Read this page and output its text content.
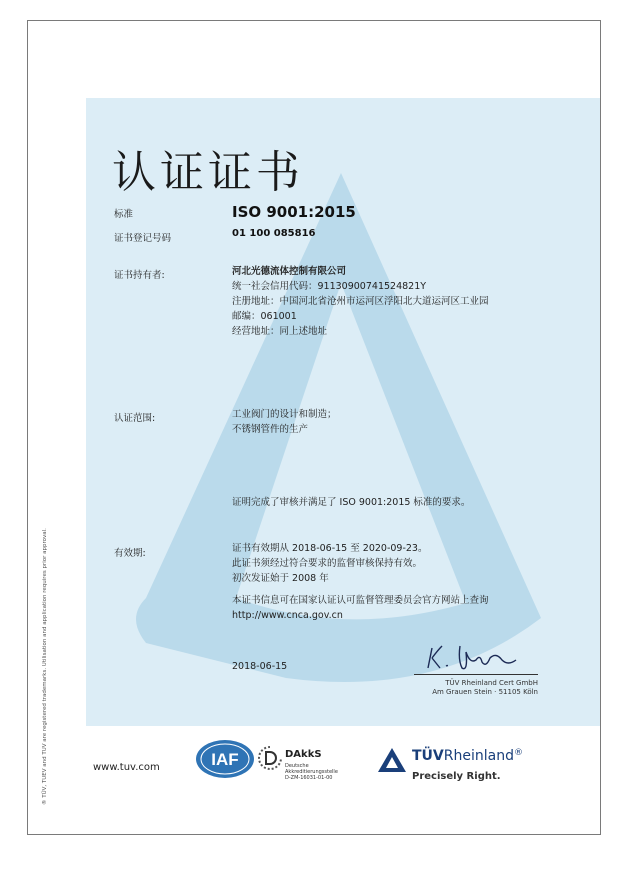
认证证书
标准	ISO 9001:2015
证书登记号码	01 100 085816
证书持有者:	河北光德流体控制有限公司
统一社会信用代码：91130900741524821Y
注册地址：中国河北省沧州市运河区浮阳北大道运河区工业园
邮编：061001
经营地址：同上述地址
认证范围:	工业阀门的设计和制造；
不锈钢管件的生产
证明完成了审核并满足了 ISO 9001:2015 标准的要求。
有效期:	证书有效期从 2018-06-15 至 2020-09-23。
此证书须经过符合要求的监督审核保持有效。
初次发证始于 2008 年
本证书信息可在国家认证认可监督管理委员会官方网站上查询
http://www.cnca.gov.cn
2018-06-15
TÜV Rheinland Cert GmbH
Am Grauen Stein · 51105 Köln
www.tuv.com
® TÜV, TUEV and TUV are registered trademarks. Utilisation and application requires prior approval.	IAF	DAkkS
Deutsche
Akkreditierungsstelle
D-ZM-16031-01-00
TÜVRheinland®
Precisely Right.
